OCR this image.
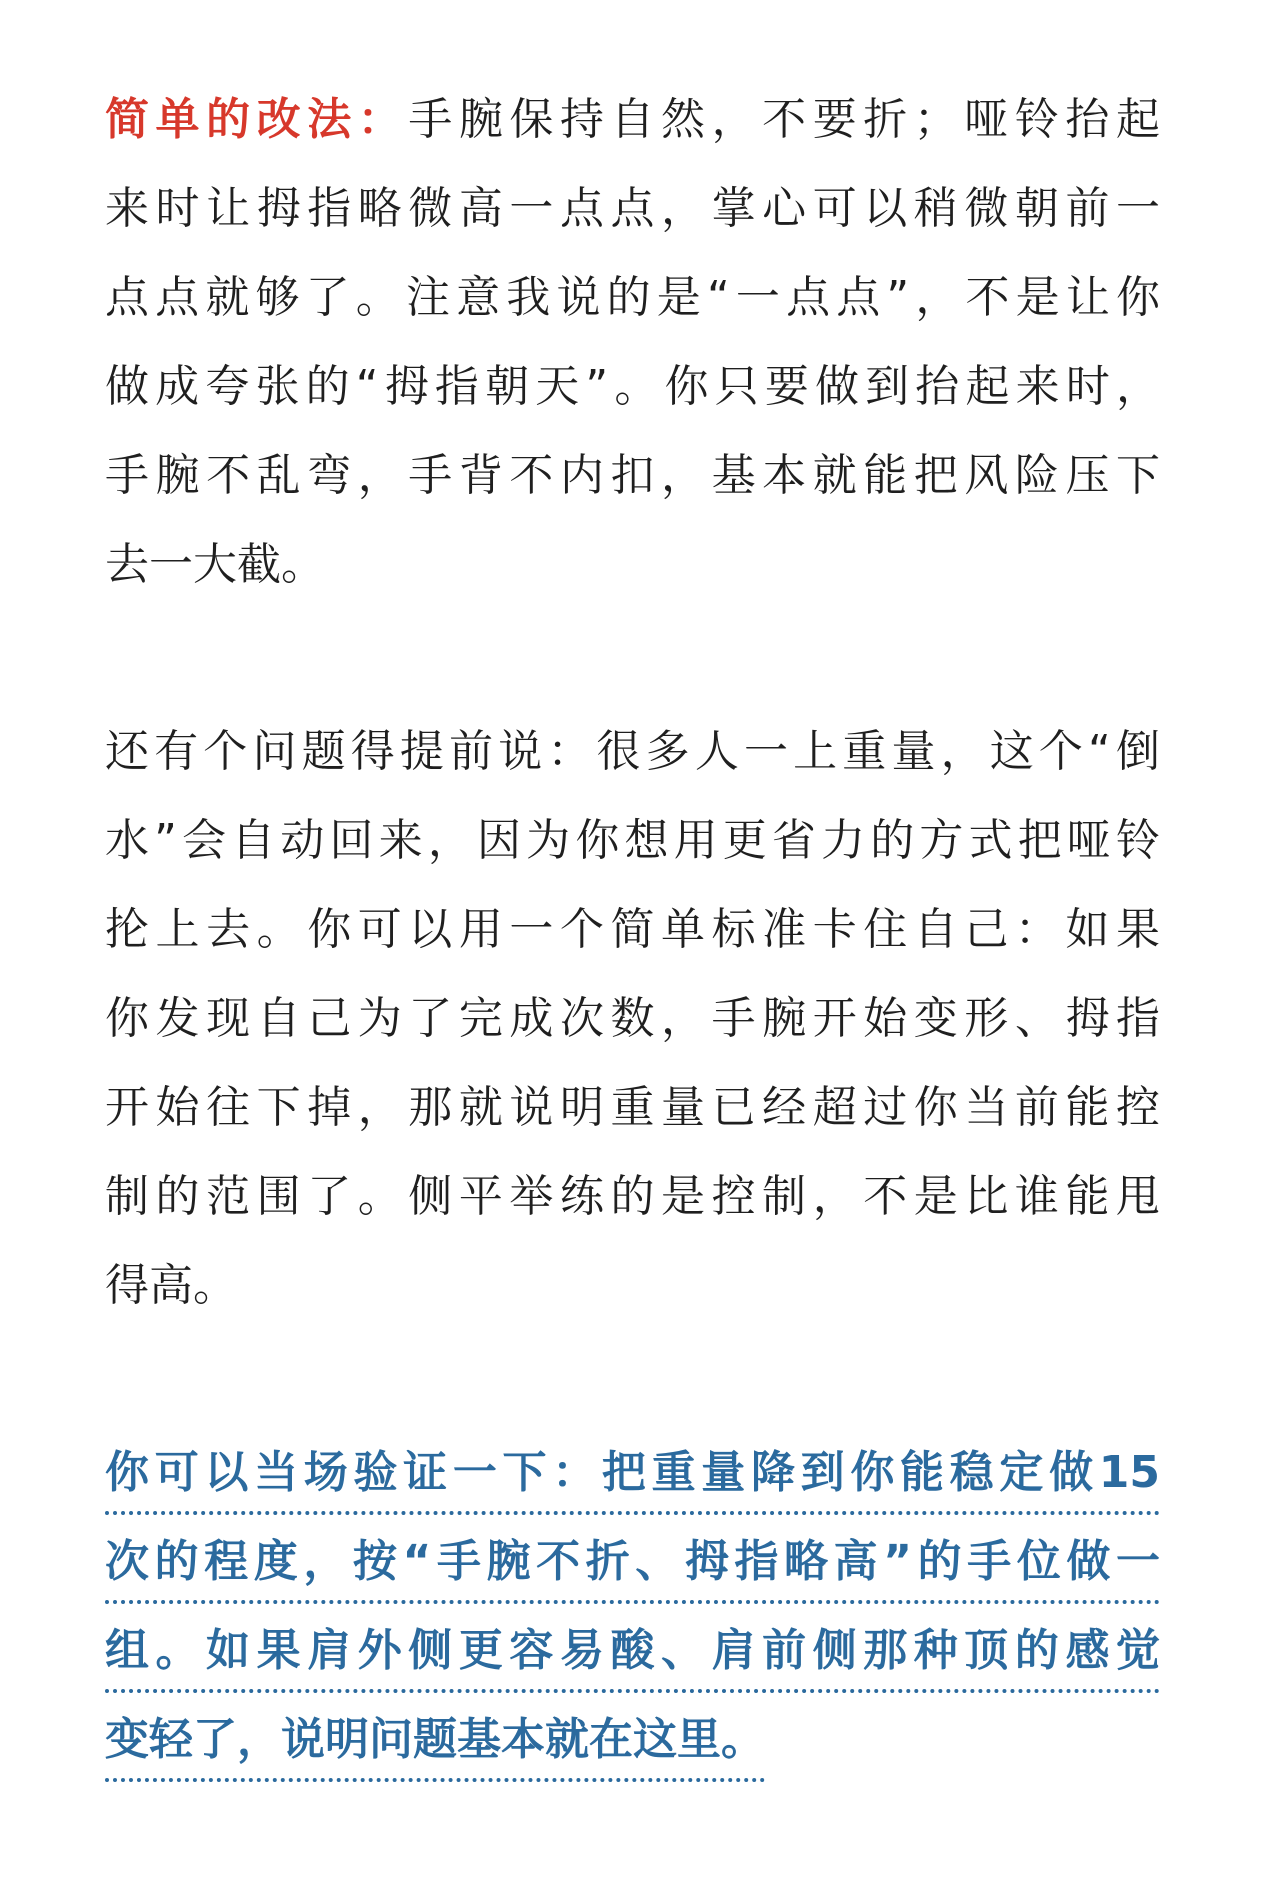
简单的改法：手腕保持自然，不要折；哑铃抬起
来时让拇指略微高一点点，掌心可以稍微朝前一
点点就够了。注意我说的是“一点点”，不是让你
做成夸张的“拇指朝天”。你只要做到抬起来时，
手腕不乱弯，手背不内扣，基本就能把风险压下
去一大截。
还有个问题得提前说：很多人一上重量，这个“倒
水”会自动回来，因为你想用更省力的方式把哑铃
抡上去。你可以用一个简单标准卡住自己：如果
你发现自己为了完成次数，手腕开始变形、拇指
开始往下掉，那就说明重量已经超过你当前能控
制的范围了。侧平举练的是控制，不是比谁能甩
得高。
你可以当场验证一下：把重量降到你能稳定做15
次的程度，按“手腕不折、拇指略高”的手位做一
组。如果肩外侧更容易酸、肩前侧那种顶的感觉
变轻了，说明问题基本就在这里。
